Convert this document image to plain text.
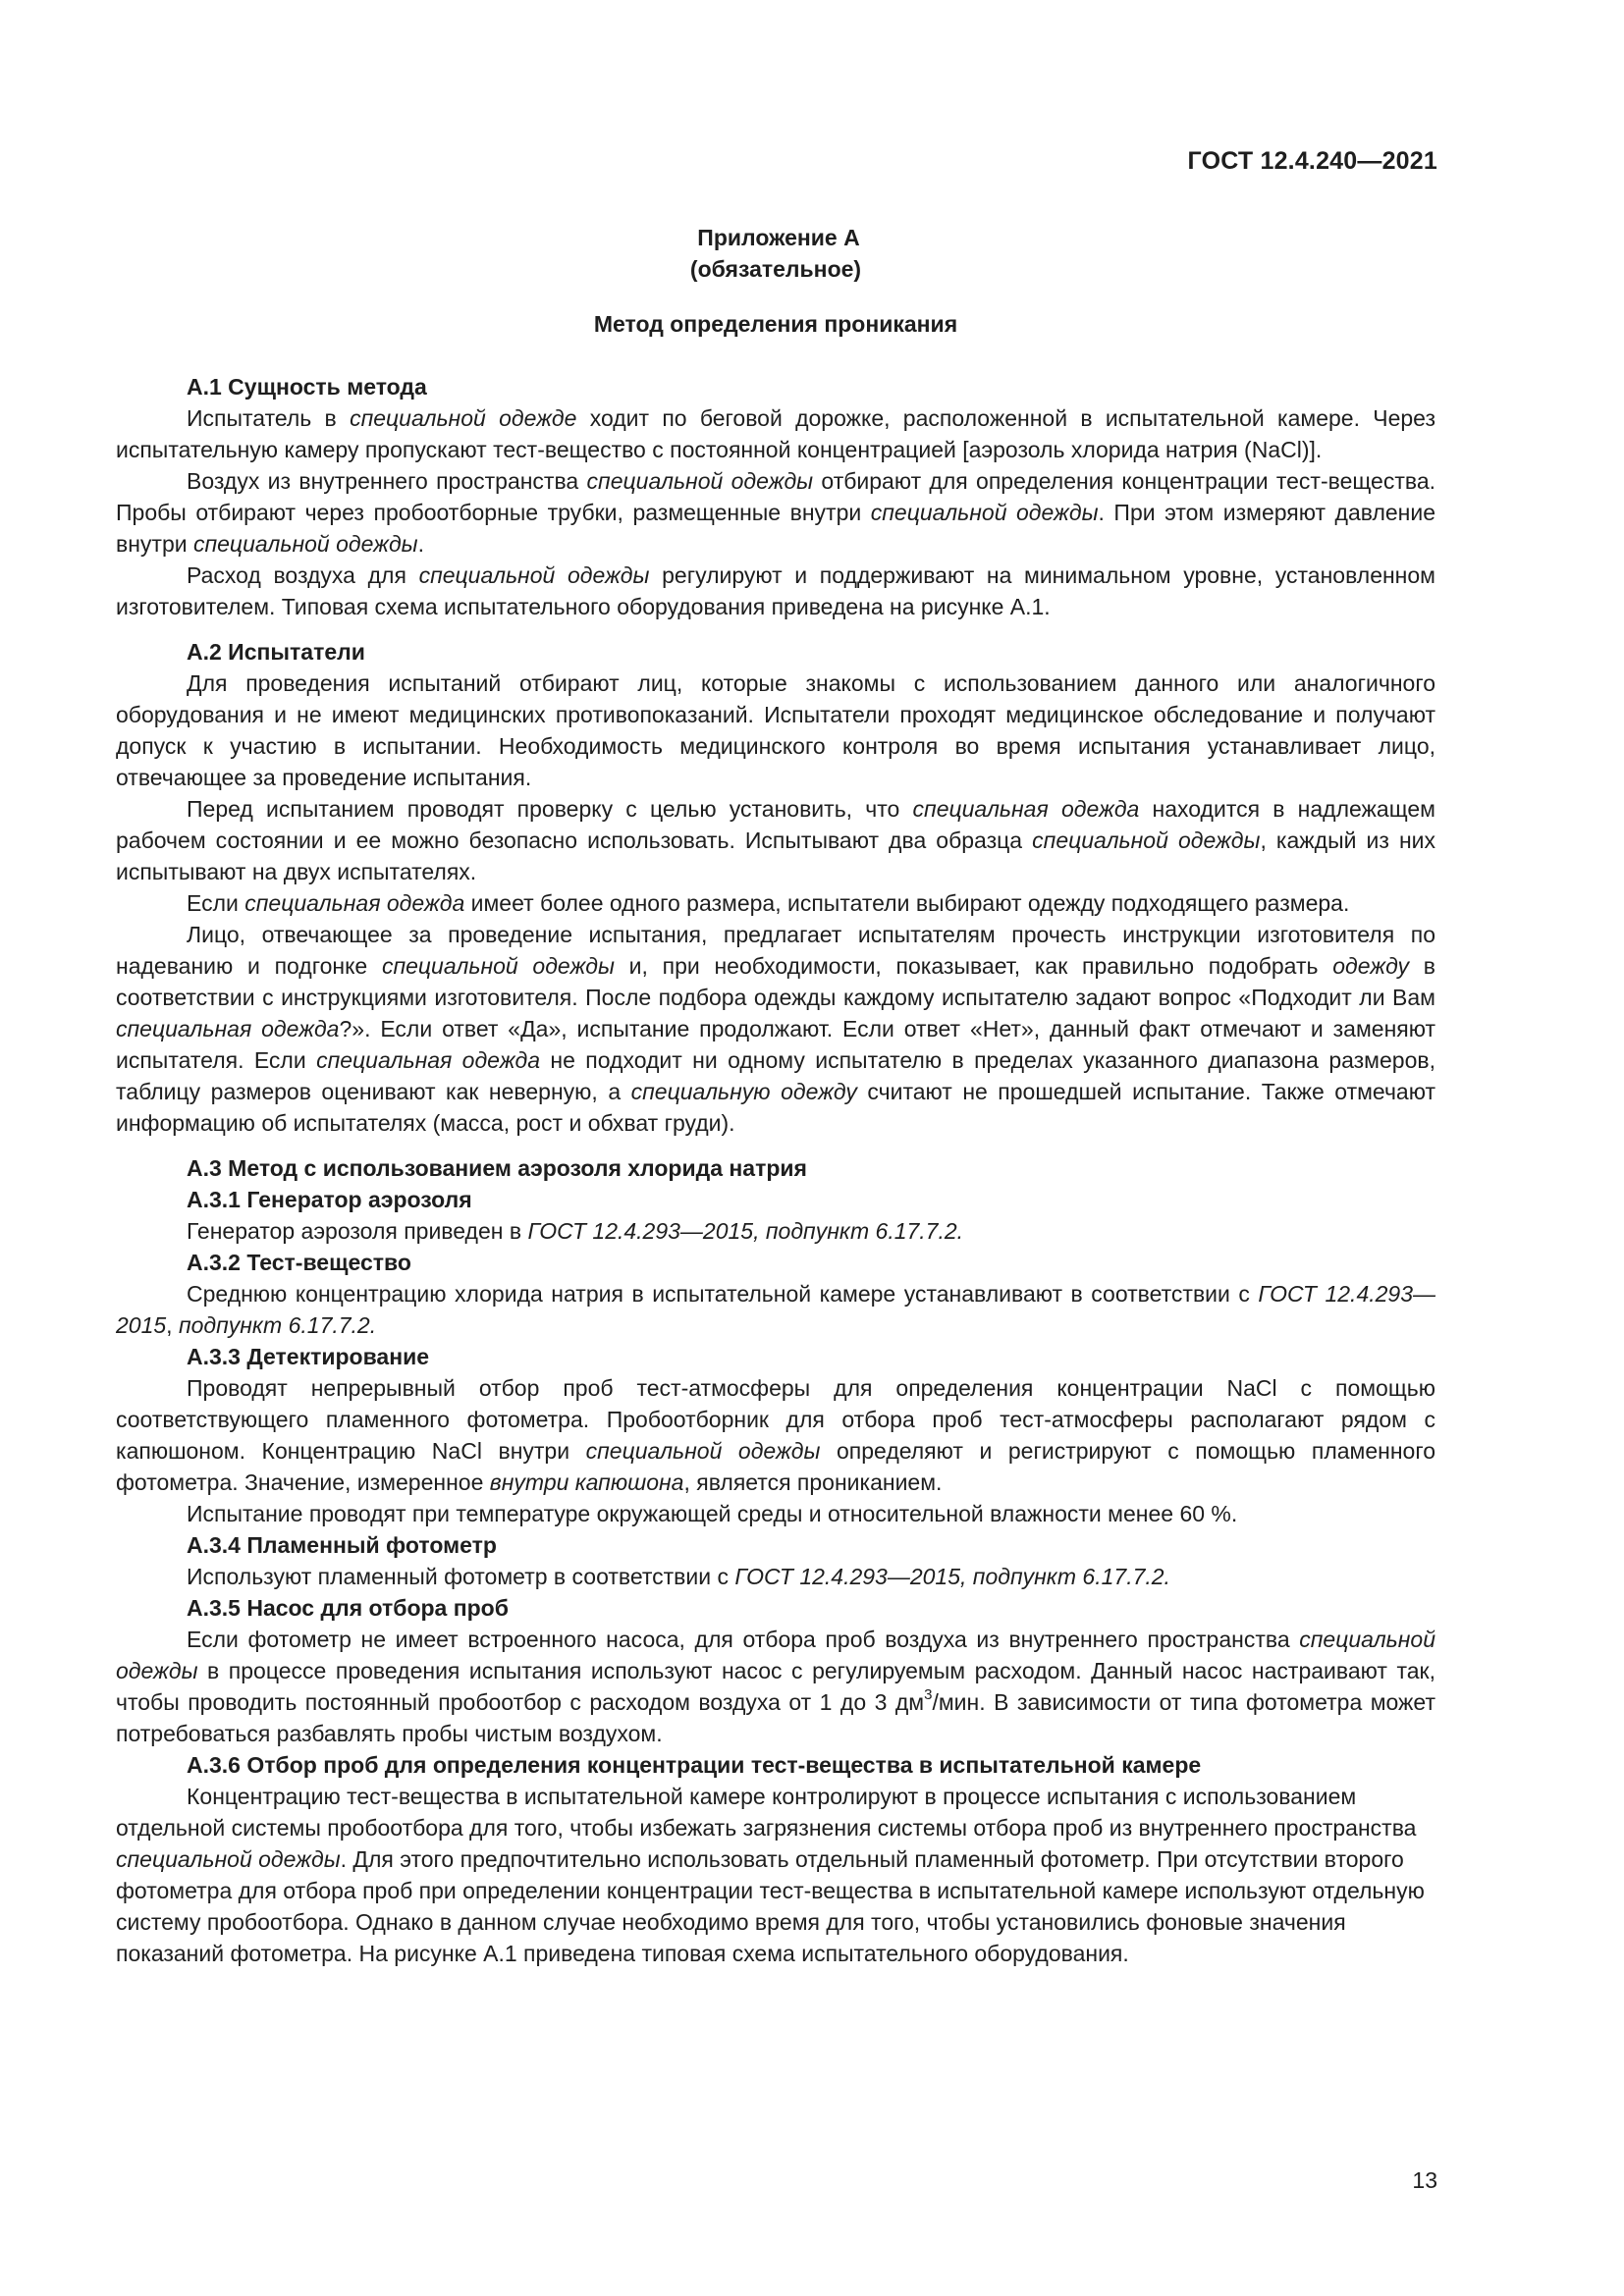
ГОСТ 12.4.240—2021
Приложение А
(обязательное)
Метод определения проникания
А.1 Сущность метода

Испытатель в специальной одежде ходит по беговой дорожке, расположенной в испытательной камере. Через испытательную камеру пропускают тест-вещество с постоянной концентрацией [аэрозоль хлорида натрия (NaCl)].

Воздух из внутреннего пространства специальной одежды отбирают для определения концентрации тест-вещества. Пробы отбирают через пробоотборные трубки, размещенные внутри специальной одежды. При этом измеряют давление внутри специальной одежды.

Расход воздуха для специальной одежды регулируют и поддерживают на минимальном уровне, установленном изготовителем. Типовая схема испытательного оборудования приведена на рисунке А.1.

А.2 Испытатели

Для проведения испытаний отбирают лиц, которые знакомы с использованием данного или аналогичного оборудования и не имеют медицинских противопоказаний. Испытатели проходят медицинское обследование и получают допуск к участию в испытании. Необходимость медицинского контроля во время испытания устанавливает лицо, отвечающее за проведение испытания.

Перед испытанием проводят проверку с целью установить, что специальная одежда находится в надлежащем рабочем состоянии и ее можно безопасно использовать. Испытывают два образца специальной одежды, каждый из них испытывают на двух испытателях.

Если специальная одежда имеет более одного размера, испытатели выбирают одежду подходящего размера.

Лицо, отвечающее за проведение испытания, предлагает испытателям прочесть инструкции изготовителя по надеванию и подгонке специальной одежды и, при необходимости, показывает, как правильно подобрать одежду в соответствии с инструкциями изготовителя. После подбора одежды каждому испытателю задают вопрос «Подходит ли Вам специальная одежда?». Если ответ «Да», испытание продолжают. Если ответ «Нет», данный факт отмечают и заменяют испытателя. Если специальная одежда не подходит ни одному испытателю в пределах указанного диапазона размеров, таблицу размеров оценивают как неверную, а специальную одежду считают не прошедшей испытание. Также отмечают информацию об испытателях (масса, рост и обхват груди).

А.3 Метод с использованием аэрозоля хлорида натрия
А.3.1 Генератор аэрозоля

Генератор аэрозоля приведен в ГОСТ 12.4.293—2015, подпункт 6.17.7.2.

А.3.2 Тест-вещество

Среднюю концентрацию хлорида натрия в испытательной камере устанавливают в соответствии с ГОСТ 12.4.293—2015, подпункт 6.17.7.2.

А.3.3 Детектирование

Проводят непрерывный отбор проб тест-атмосферы для определения концентрации NaCl с помощью соответствующего пламенного фотометра. Пробоотборник для отбора проб тест-атмосферы располагают рядом с капюшоном. Концентрацию NaCl внутри специальной одежды определяют и регистрируют с помощью пламенного фотометра. Значение, измеренное внутри капюшона, является прониканием.

Испытание проводят при температуре окружающей среды и относительной влажности менее 60 %.

А.3.4 Пламенный фотометр

Используют пламенный фотометр в соответствии с ГОСТ 12.4.293—2015, подпункт 6.17.7.2.

А.3.5 Насос для отбора проб

Если фотометр не имеет встроенного насоса, для отбора проб воздуха из внутреннего пространства специальной одежды в процессе проведения испытания используют насос с регулируемым расходом. Данный насос настраивают так, чтобы проводить постоянный пробоотбор с расходом воздуха от 1 до 3 $дм^3$/мин. В зависимости от типа фотометра может потребоваться разбавлять пробы чистым воздухом.

А.3.6 Отбор проб для определения концентрации тест-вещества в испытательной камере

Концентрацию тест-вещества в испытательной камере контролируют в процессе испытания с использованием отдельной системы пробоотбора для того, чтобы избежать загрязнения системы отбора проб из внутреннего пространства специальной одежды. Для этого предпочтительно использовать отдельный пламенный фотометр. При отсутствии второго фотометра для отбора проб при определении концентрации тест-вещества в испытательной камере используют отдельную систему пробоотбора. Однако в данном случае необходимо время для того, чтобы установились фоновые значения показаний фотометра. На рисунке А.1 приведена типовая схема испытательного оборудования.

13
